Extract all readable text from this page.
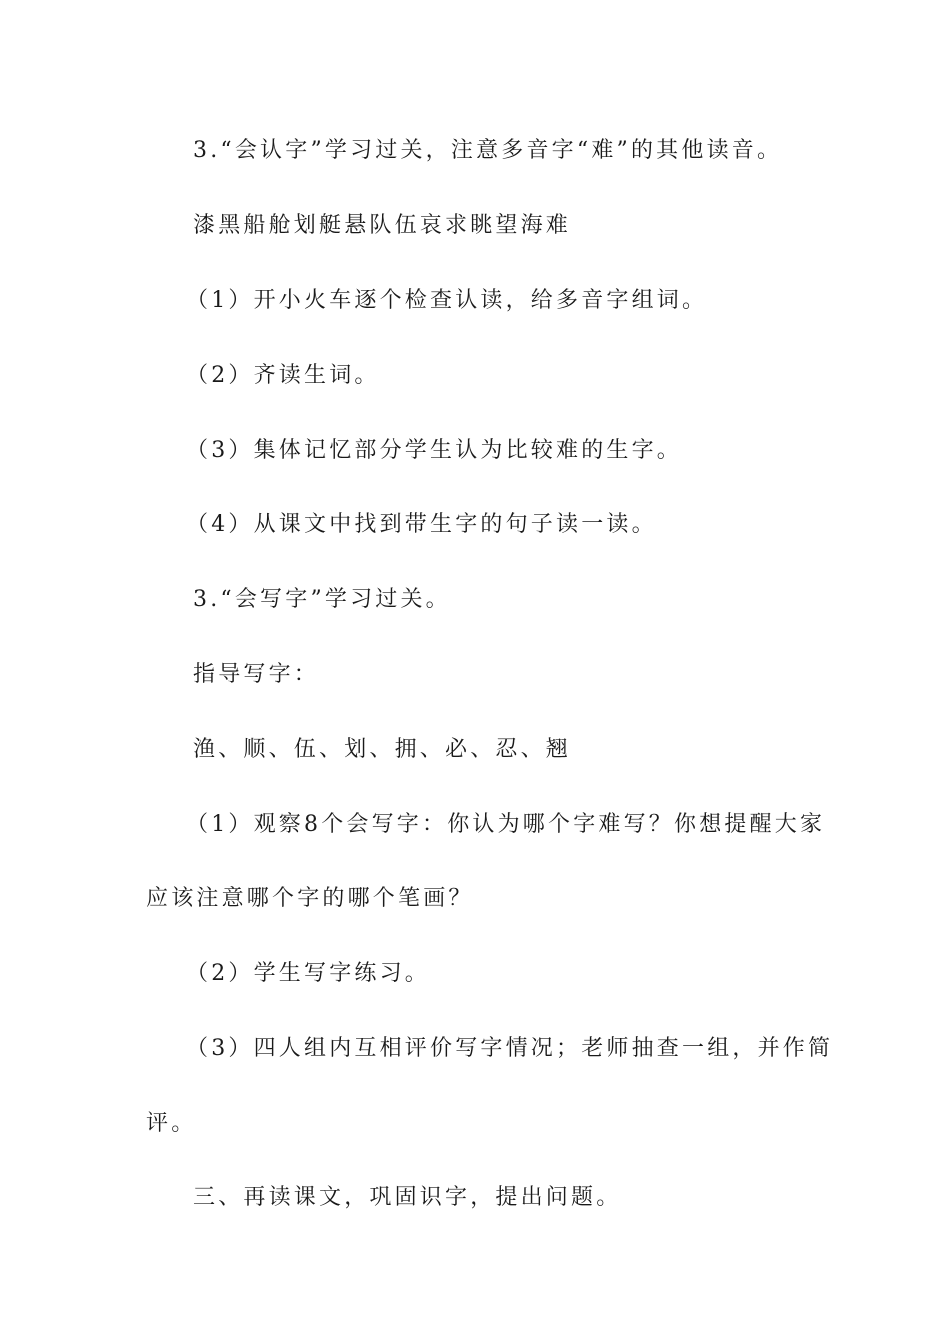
3.“会认字”学习过关，注意多音字“难”的其他读音。
漆黑船舱划艇悬队伍哀求眺望海难
（1）开小火车逐个检查认读，给多音字组词。
（2）齐读生词。
（3）集体记忆部分学生认为比较难的生字。
（4）从课文中找到带生字的句子读一读。
3.“会写字”学习过关。
指导写字：
渔、顺、伍、划、拥、必、忍、翘
（1）观察8个会写字：你认为哪个字难写？你想提醒大家
应该注意哪个字的哪个笔画？
（2）学生写字练习。
（3）四人组内互相评价写字情况；老师抽查一组，并作简
评。
三、再读课文，巩固识字，提出问题。
